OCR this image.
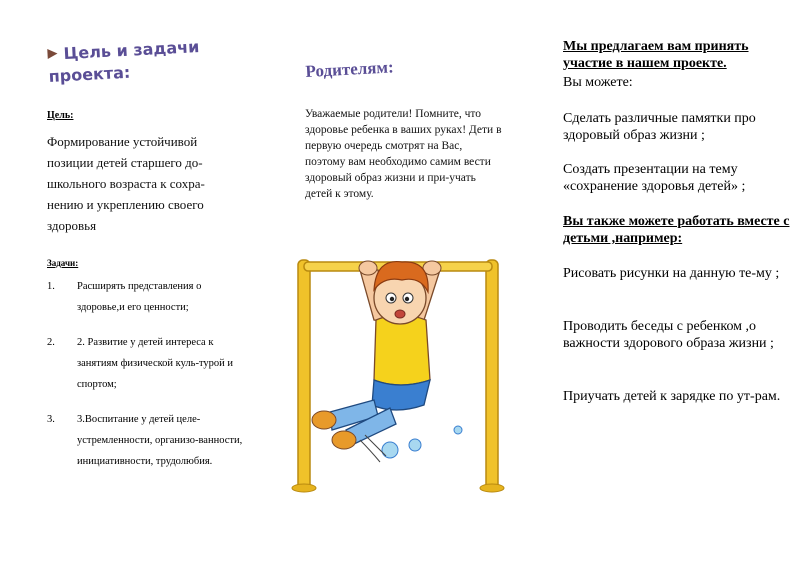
Цель и задачи проекта:
Цель:
Формирование устойчивой позиции детей старшего до-школьного возраста к сохра-нению и укреплению своего здоровья
Задачи:
1. Расширять представления о здоровье,и его ценности;
2. 2. Развитие у детей интереса к занятиям физической куль-турой и спортом;
3. 3.Воспитание у детей целе-устремленности, организо-ванности, инициативности, трудолюбия.
Родителям:
Уважаемые родители! Помните, что здоровье ребенка в ваших руках! Дети в первую очередь смотрят на Вас, поэтому вам необходимо самим вести здоровый образ жизни и при-учать детей к этому.
Мы предлагаем вам принять участие в нашем проекте.
Вы можете:
Сделать различные памятки про здоровый образ жизни ;
Создать презентации на тему «сохранение здоровья детей» ;
Вы также можете работать вместе с детьми ,например:
Рисовать рисунки на данную те-му ;
Проводить беседы с ребенком ,о важности здорового образа жизни ;
Приучать детей к зарядке по ут-рам.
